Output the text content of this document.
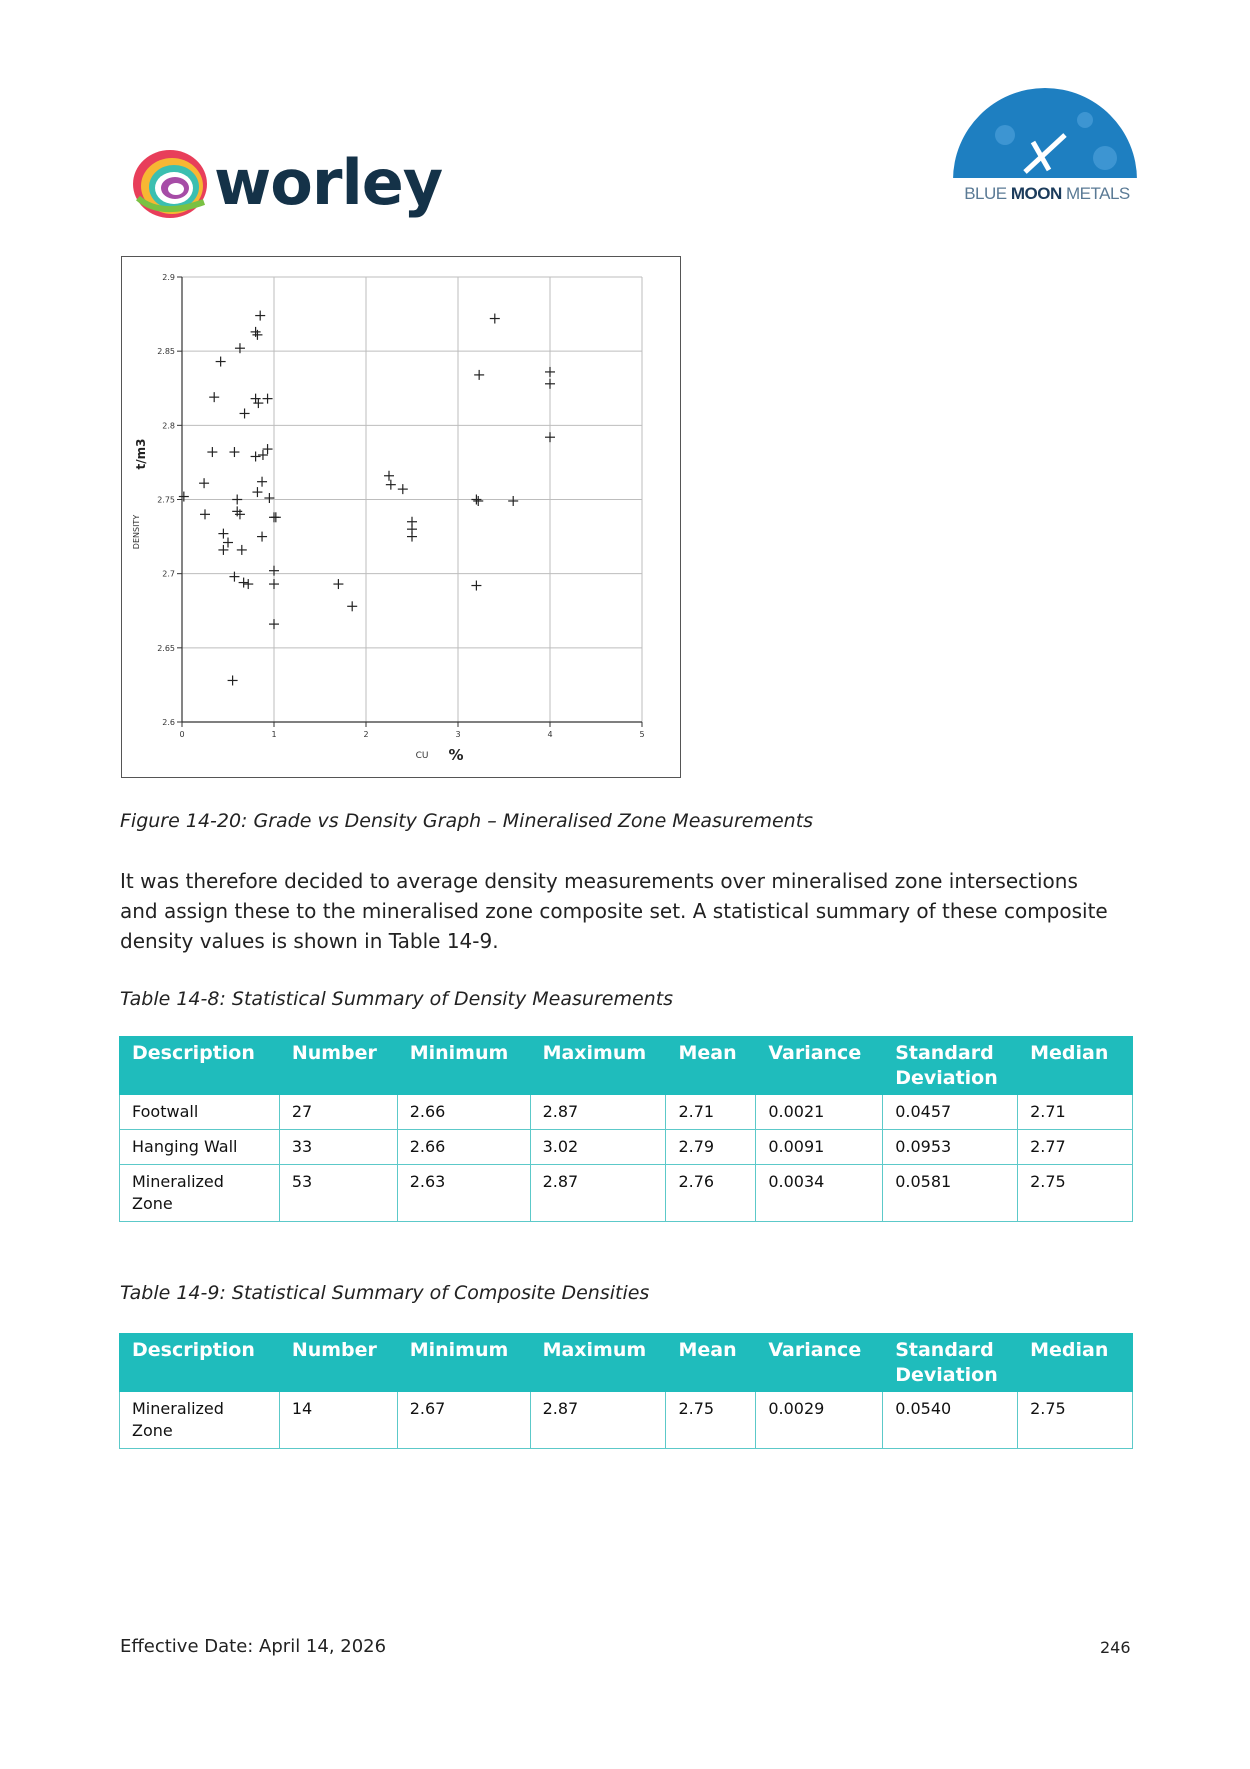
worley	BLUE MOON METALS
0	1	2	3	4	5
2.6
2.65
2.7
2.75
2.8
2.85
2.9
DENSITY
t/m3
CU %
Figure 14-20: Grade vs Density Graph – Mineralised Zone Measurements
It was therefore decided to average density measurements over mineralised zone intersections and assign these to the mineralised zone composite set. A statistical summary of these composite density values is shown in Table 14-9.
Table 14-8: Statistical Summary of Density Measurements
Description	Number	Minimum	Maximum	Mean	Variance	Standard Deviation	Median
Footwall	27	2.66	2.87	2.71	0.0021	0.0457	2.71
Hanging Wall	33	2.66	3.02	2.79	0.0091	0.0953	2.77
Mineralized Zone	53	2.63	2.87	2.76	0.0034	0.0581	2.75
Table 14-9: Statistical Summary of Composite Densities
Description	Number	Minimum	Maximum	Mean	Variance	Standard Deviation	Median
Mineralized Zone	14	2.67	2.87	2.75	0.0029	0.0540	2.75
Effective Date: April 14, 2026	246
